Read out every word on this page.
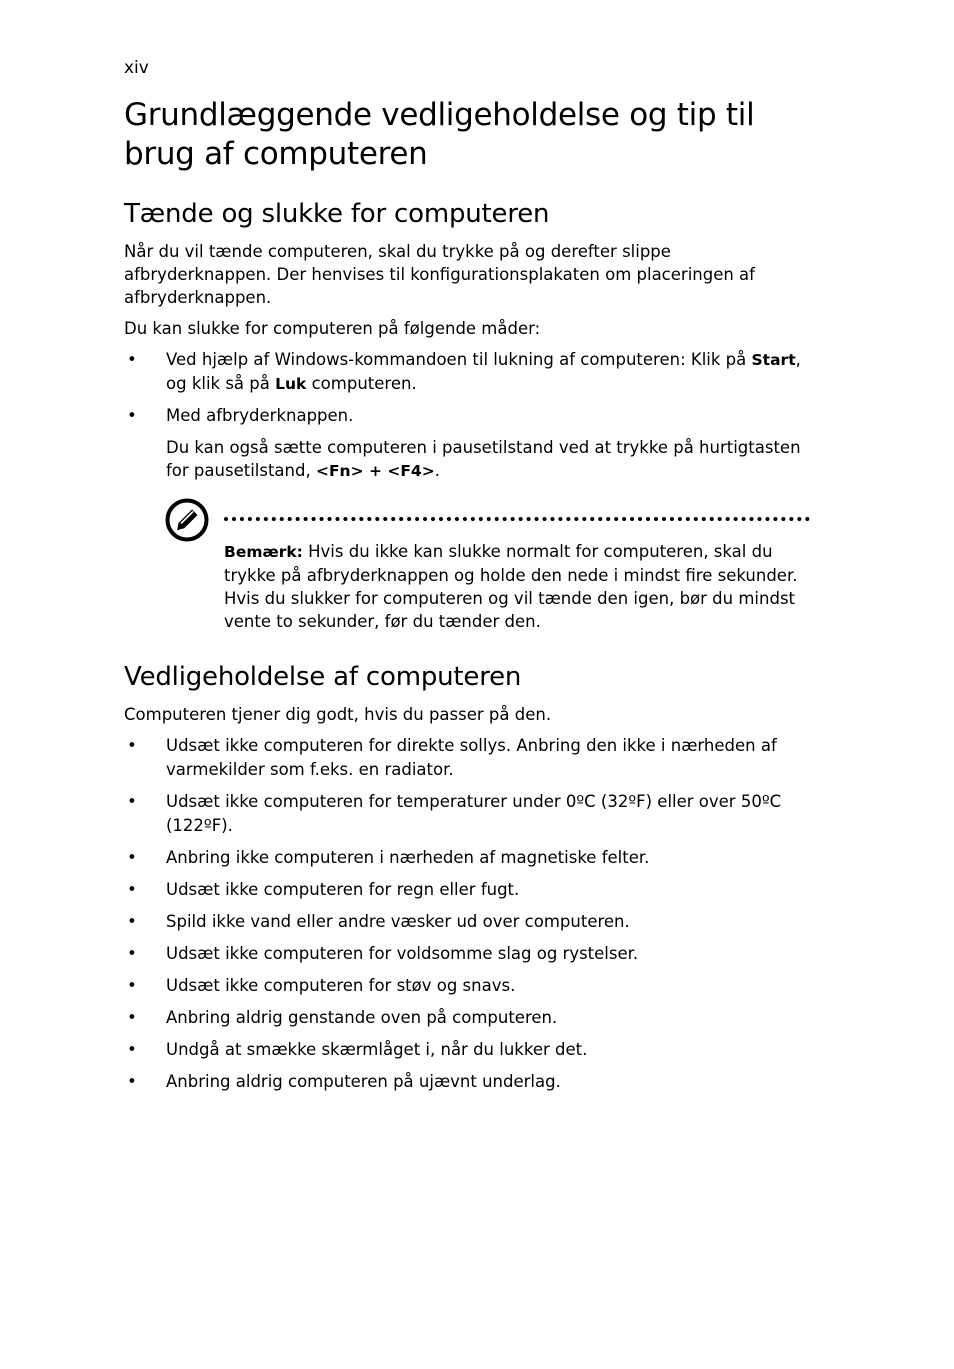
xiv
Grundlæggende vedligeholdelse og tip til brug af computeren
Tænde og slukke for computeren

Når du vil tænde computeren, skal du trykke på og derefter slippe afbryderknappen. Der henvises til konfigurationsplakaten om placeringen af afbryderknappen.

Du kan slukke for computeren på følgende måder:

• Ved hjælp af Windows-kommandoen til lukning af computeren: Klik på Start, og klik så på Luk computeren.
• Med afbryderknappen.

Du kan også sætte computeren i pausetilstand ved at trykke på hurtigtasten for pausetilstand, <Fn> + <F4>.

Bemærk: Hvis du ikke kan slukke normalt for computeren, skal du trykke på afbryderknappen og holde den nede i mindst fire sekunder. Hvis du slukker for computeren og vil tænde den igen, bør du mindst vente to sekunder, før du tænder den.
Vedligeholdelse af computeren

Computeren tjener dig godt, hvis du passer på den.

• Udsæt ikke computeren for direkte sollys. Anbring den ikke i nærheden af varmekilder som f.eks. en radiator.
• Udsæt ikke computeren for temperaturer under 0ºC (32ºF) eller over 50ºC (122ºF).
• Anbring ikke computeren i nærheden af magnetiske felter.
• Udsæt ikke computeren for regn eller fugt.
• Spild ikke vand eller andre væsker ud over computeren.
• Udsæt ikke computeren for voldsomme slag og rystelser.
• Udsæt ikke computeren for støv og snavs.
• Anbring aldrig genstande oven på computeren.
• Undgå at smække skærmlåget i, når du lukker det.
• Anbring aldrig computeren på ujævnt underlag.
